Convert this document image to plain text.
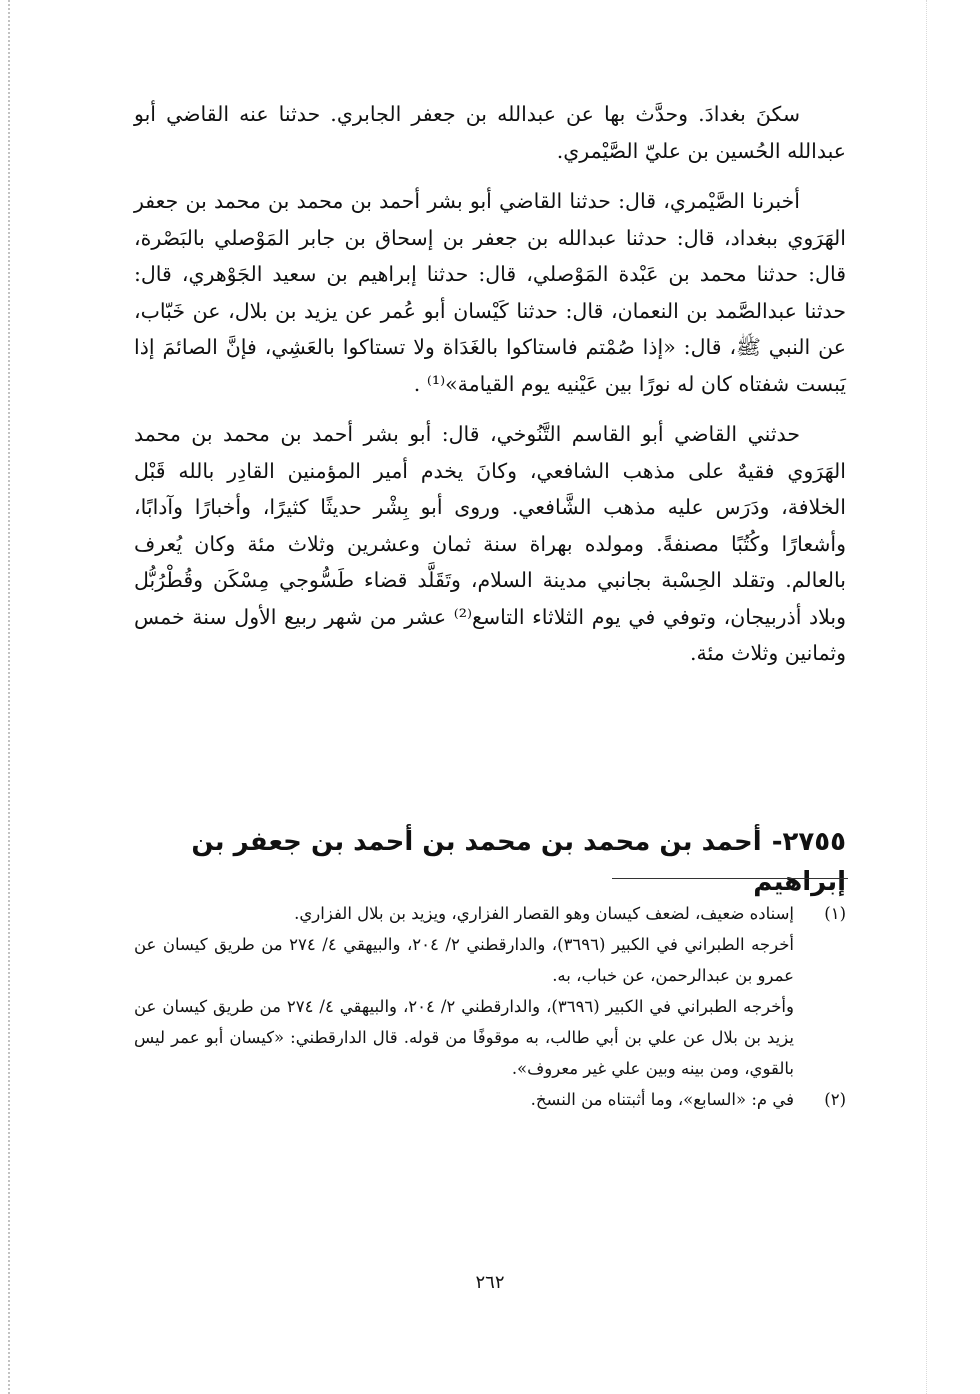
سكنَ بغدادَ. وحدَّث بها عن عبدالله بن جعفر الجابري. حدثنا عنه القاضي أبو عبدالله الحُسين بن عليّ الصَّيْمري.

أخبرنا الصَّيْمري، قال: حدثنا القاضي أبو بشر أحمد بن محمد بن محمد بن جعفر الهَرَوي ببغداد، قال: حدثنا عبدالله بن جعفر بن إسحاق بن جابر المَوْصلي بالبَصْرة، قال: حدثنا محمد بن عَبْدة المَوْصلي، قال: حدثنا إبراهيم بن سعيد الجَوْهري، قال: حدثنا عبدالصَّمد بن النعمان، قال: حدثنا كَيْسان أبو عُمر عن يزيد بن بلال، عن خَبّاب، عن النبي ﷺ، قال: «إذا صُمْتم فاستاكوا بالغَدَاة ولا تستاكوا بالعَشِي، فإنَّ الصائمَ إذا يَبست شفتاه كان له نورًا بين عَيْنيه يوم القيامة»⁽¹⁾ .

حدثني القاضي أبو القاسم التَّنُوخي، قال: أبو بشر أحمد بن محمد بن محمد الهَرَوي فقيهٌ على مذهب الشافعي، وكانَ يخدم أمير المؤمنين القادِر بالله قَبْل الخلافة، ودَرَس عليه مذهب الشَّافعي. وروى أبو بِشْر حديثًا كثيرًا، وأخبارًا وآدابًا، وأشعارًا وكُتُبًا مصنفةً. ومولده بهراة سنة ثمان وعشرين وثلاث مئة وكان يُعرف بالعالم. وتقلد الحِسْبة بجانبي مدينة السلام، وتَقَلَّد قضاء طَسُّوجي مِسْكَن وقُطْرُبُّل وبلاد أذربيجان، وتوفي في يوم الثلاثاء التاسع⁽²⁾ عشر من شهر ربيع الأول سنة خمس وثمانين وثلاث مئة.

٢٧٥٥-أحمد بن محمد بن محمد بن أحمد بن جعفر بن إبراهيم
(١)
إسناده ضعيف، لضعف كيسان وهو القصار الفزاري، ويزيد بن بلال الفزاري.
أخرجه الطبراني في الكبير (٣٦٩٦)، والدارقطني ٢/ ٢٠٤، والبيهقي ٤/ ٢٧٤ من طريق كيسان عن عمرو بن عبدالرحمن، عن خباب، به.
وأخرجه الطبراني في الكبير (٣٦٩٦)، والدارقطني ٢/ ٢٠٤، والبيهقي ٤/ ٢٧٤ من طريق كيسان عن يزيد بن بلال عن علي بن أبي طالب، به موقوفًا من قوله. قال الدارقطني: «كيسان أبو عمر ليس بالقوي، ومن بينه وبين علي غير معروف».
(٢)
في م: «السابع»، وما أثبتناه من النسخ.
٢٦٢
